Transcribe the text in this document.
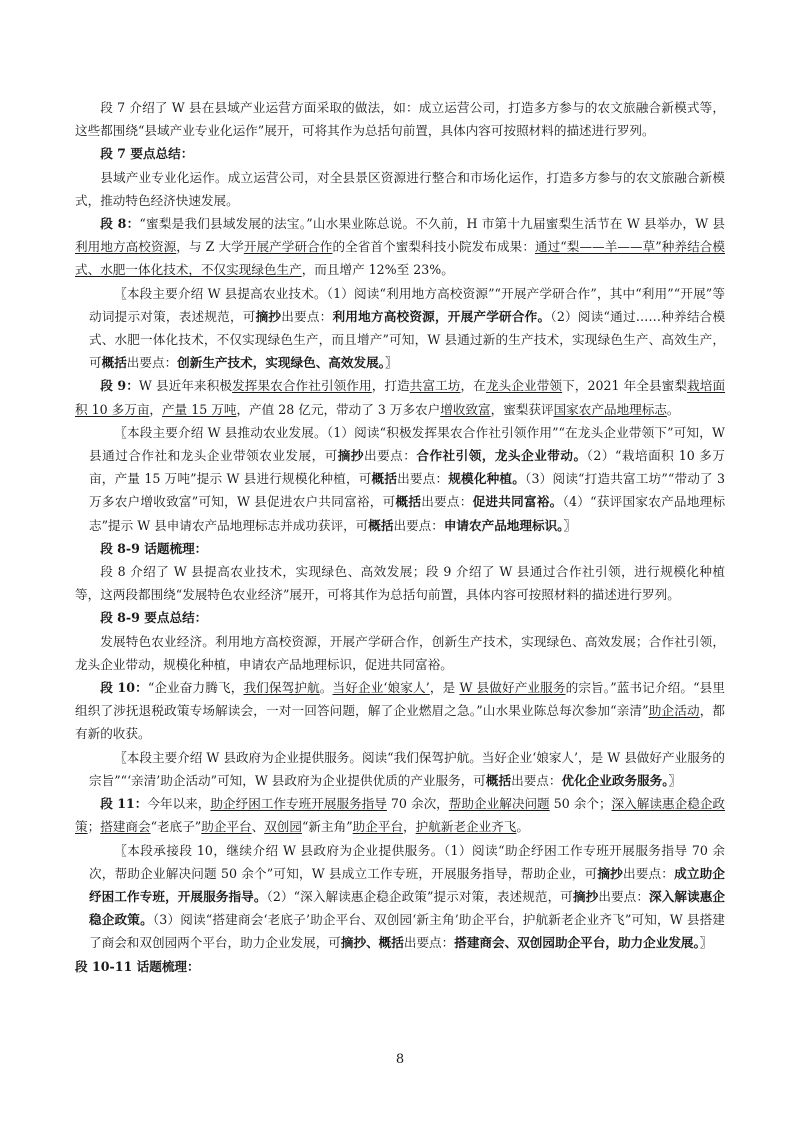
段 7 介绍了 W 县在县域产业运营方面采取的做法，如：成立运营公司，打造多方参与的农文旅融合新模式等，这些都围绕“县域产业专业化运作”展开，可将其作为总括句前置，具体内容可按照材料的描述进行罗列。

段 7 要点总结：

县域产业专业化运作。成立运营公司，对全县景区资源进行整合和市场化运作，打造多方参与的农文旅融合新模式，推动特色经济快速发展。

段 8：“蜜梨是我们县域发展的法宝。”山水果业陈总说。不久前，H 市第十九届蜜梨生活节在 W 县举办，W 县利用地方高校资源，与 Z 大学开展产学研合作的全省首个蜜梨科技小院发布成果：通过“梨——羊——草”种养结合模式、水肥一体化技术，不仅实现绿色生产，而且增产 12%至 23%。

〖本段主要介绍 W 县提高农业技术。（1）阅读“利用地方高校资源”“开展产学研合作”，其中“利用”“开展”等动词提示对策，表述规范，可摘抄出要点：利用地方高校资源，开展产学研合作。（2）阅读“通过……种养结合模式、水肥一体化技术，不仅实现绿色生产，而且增产”可知，W 县通过新的生产技术，实现绿色生产、高效生产，可概括出要点：创新生产技术，实现绿色、高效发展。〗

段 9：W 县近年来积极发挥果农合作社引领作用，打造共富工坊，在龙头企业带领下，2021 年全县蜜梨栽培面积 10 多万亩，产量 15 万吨，产值 28 亿元，带动了 3 万多农户增收致富，蜜梨获评国家农产品地理标志。

〖本段主要介绍 W 县推动农业发展。（1）阅读“积极发挥果农合作社引领作用”“在龙头企业带领下”可知，W 县通过合作社和龙头企业带领农业发展，可摘抄出要点：合作社引领，龙头企业带动。（2）“栽培面积 10 多万亩，产量 15 万吨”提示 W 县进行规模化种植，可概括出要点：规模化种植。（3）阅读“打造共富工坊”“带动了 3 万多农户增收致富”可知，W 县促进农户共同富裕，可概括出要点：促进共同富裕。（4）“获评国家农产品地理标志”提示 W 县申请农产品地理标志并成功获评，可概括出要点：申请农产品地理标识。〗

段 8-9 话题梳理：

段 8 介绍了 W 县提高农业技术，实现绿色、高效发展；段 9 介绍了 W 县通过合作社引领，进行规模化种植等，这两段都围绕“发展特色农业经济”展开，可将其作为总括句前置，具体内容可按照材料的描述进行罗列。

段 8-9 要点总结：

发展特色农业经济。利用地方高校资源，开展产学研合作，创新生产技术，实现绿色、高效发展；合作社引领，龙头企业带动，规模化种植，申请农产品地理标识，促进共同富裕。

段 10：“企业奋力腾飞，我们保驾护航。当好企业‘娘家人’，是 W 县做好产业服务的宗旨。”蓝书记介绍。“县里组织了涉抚退税政策专场解读会，一对一回答问题，解了企业燃眉之急。”山水果业陈总每次参加“亲清”助企活动，都有新的收获。

〖本段主要介绍 W 县政府为企业提供服务。阅读“我们保驾护航。当好企业‘娘家人’，是 W 县做好产业服务的宗旨”“‘亲清’助企活动”可知，W 县政府为企业提供优质的产业服务，可概括出要点：优化企业政务服务。〗

段 11：今年以来，助企纾困工作专班开展服务指导 70 余次，帮助企业解决问题 50 余个；深入解读惠企稳企政策；搭建商会“老底子”助企平台、双创园“新主角”助企平台，护航新老企业齐飞。

〖本段承接段 10，继续介绍 W 县政府为企业提供服务。（1）阅读“助企纾困工作专班开展服务指导 70 余次，帮助企业解决问题 50 余个”可知，W 县成立工作专班，开展服务指导，帮助企业，可摘抄出要点：成立助企纾困工作专班，开展服务指导。（2）“深入解读惠企稳企政策”提示对策，表述规范，可摘抄出要点：深入解读惠企稳企政策。（3）阅读“搭建商会‘老底子’助企平台、双创园‘新主角’助企平台，护航新老企业齐飞”可知，W 县搭建了商会和双创园两个平台，助力企业发展，可摘抄、概括出要点：搭建商会、双创园助企平台，助力企业发展。〗

段 10-11 话题梳理：

8
